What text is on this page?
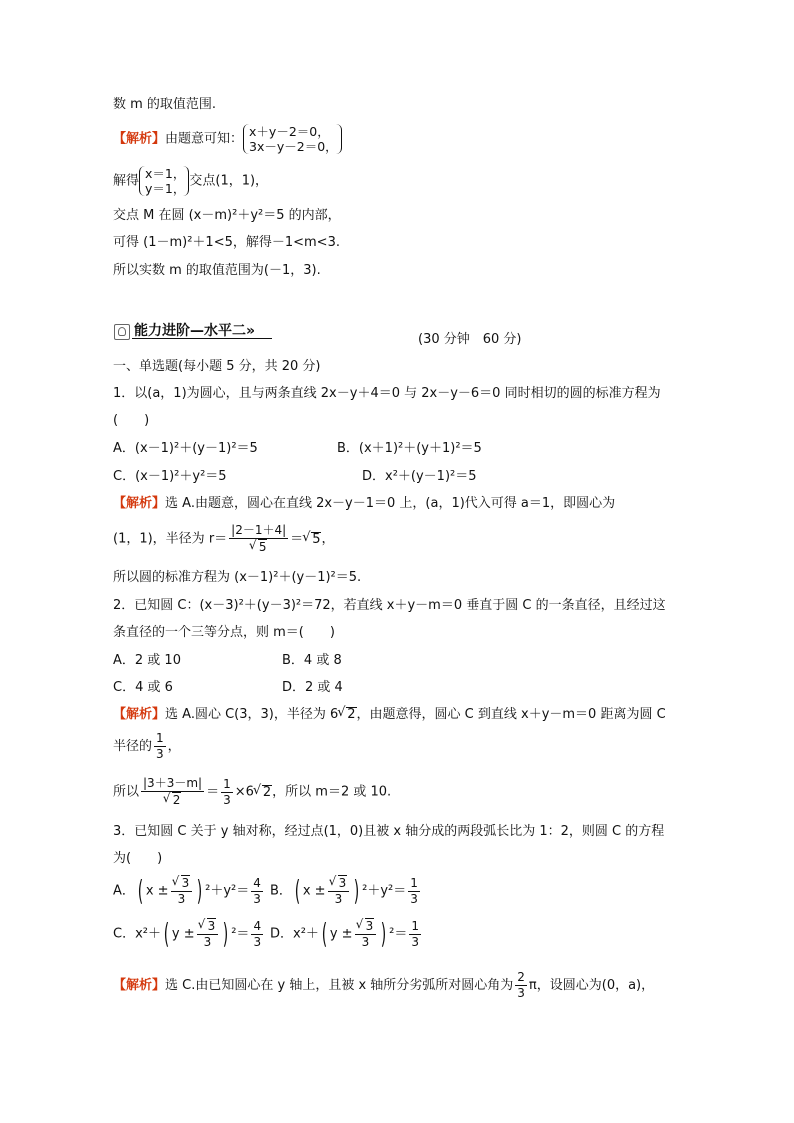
数 m 的取值范围.
【解析】由题意可知： x＋y－2＝0，
3x－y－2＝0，
解得 x＝1，
y＝1， 交点(1，1)，
交点 M 在圆 (x－m)²＋y²＝5 的内部，
可得 (1－m)²＋1<5，解得－1<m<3.
所以实数 m 的取值范围为(－1，3).
能力进阶—水平二»
(30 分钟　60 分)
一、单选题(每小题 5 分，共 20 分)
1．以(a，1)为圆心，且与两条直线 2x－y＋4＝0 与 2x－y－6＝0 同时相切的圆的标准方程为
(　　)
A．(x－1)²＋(y－1)²＝5	B．(x＋1)²＋(y＋1)²＝5
C．(x－1)²＋y²＝5	D．x²＋(y－1)²＝5
【解析】选 A.由题意，圆心在直线 2x－y－1＝0 上，(a，1)代入可得 a＝1，即圆心为
(1，1)，半径为 r＝ |2－1＋4|
√ 5 ＝√ 5，
所以圆的标准方程为 (x－1)²＋(y－1)²＝5.
2．已知圆 C：(x－3)²＋(y－3)²＝72，若直线 x＋y－m＝0 垂直于圆 C 的一条直径，且经过这
条直径的一个三等分点，则 m＝(　　)
A．2 或 10	B．4 或 8
C．4 或 6	D．2 或 4
【解析】选 A.圆心 C(3，3)，半径为 6√ 2，由题意得，圆心 C 到直线 x＋y－m＝0 距离为圆 C
半径的 $\frac{1}{3}$ ，
所以 |3＋3－m|
√ $2 = \frac{1}{3} \times 6√$ 2，所以 m＝2 或 10.
3．已知圆 C 关于 y 轴对称，经过点(1，0)且被 x 轴分成的两段弧长比为 1：2，则圆 C 的方程
为(　　)
A．( x ±
√ $\frac{3}{3}$ ) $^2+y^2= \frac{4}{3}$ B．( x ±
√ $\frac{3}{3}$ ) $^2+y^2= \frac{1}{3}$
C．x²＋( y ±
√ $\frac{3}{3}$ ) $^2= \frac{4}{3}$ D．x²＋( y ±
√ $\frac{3}{3}$ ) $^2= \frac{1}{3}$
【解析】选 C.由已知圆心在 y 轴上，且被 x 轴所分劣弧所对圆心角为 $\frac{2}{3}$ π，设圆心为(0，a)，
